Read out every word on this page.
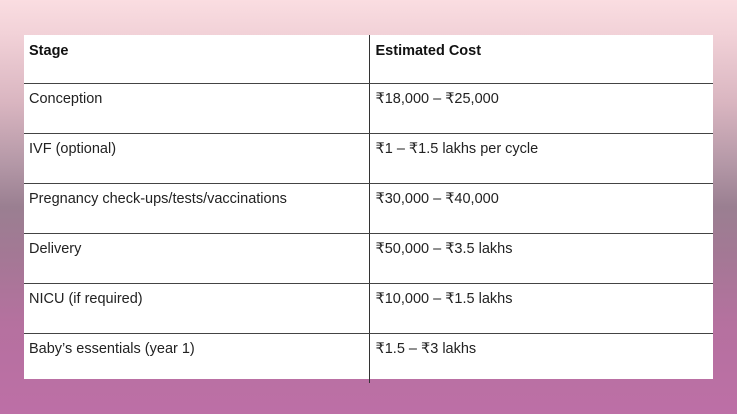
Stage	Estimated Cost
Conception	₹18,000 – ₹25,000
IVF (optional)	₹1 – ₹1.5 lakhs per cycle
Pregnancy check-ups/tests/vaccinations	₹30,000 – ₹40,000
Delivery	₹50,000 – ₹3.5 lakhs
NICU (if required)	₹10,000 – ₹1.5 lakhs
Baby’s essentials (year 1)	₹1.5 – ₹3 lakhs
